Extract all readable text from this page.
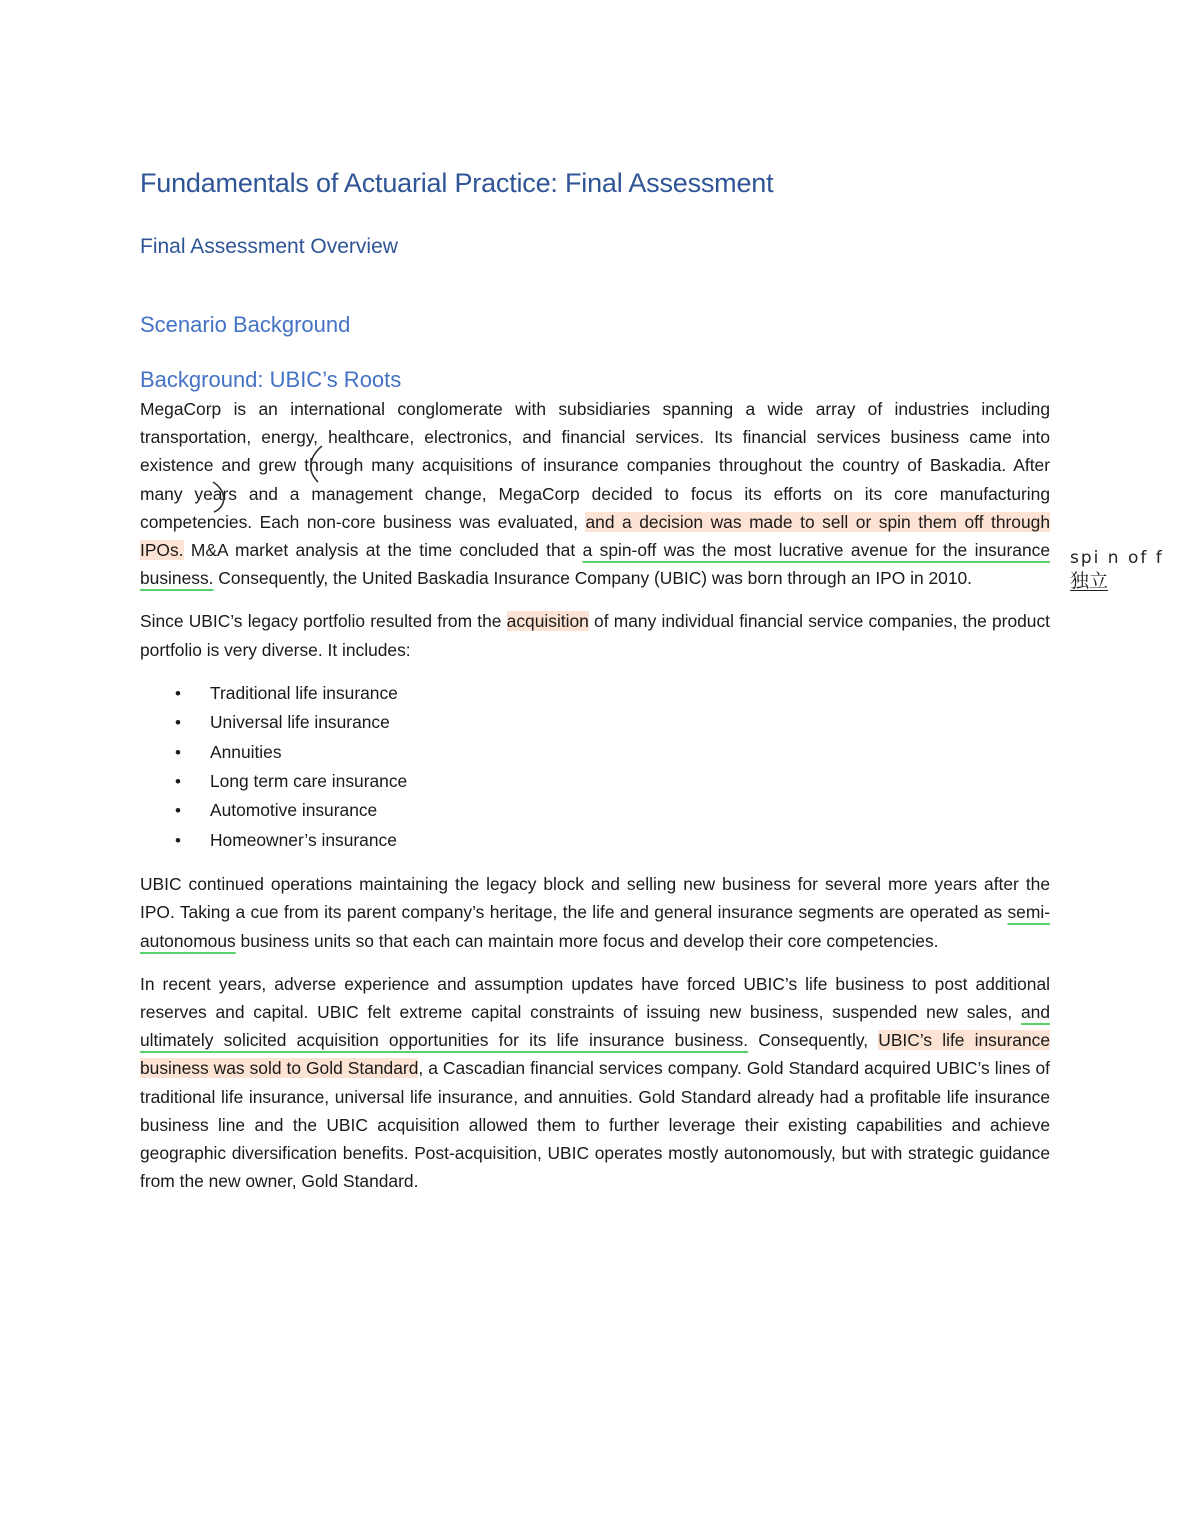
Fundamentals of Actuarial Practice: Final Assessment
Final Assessment Overview
Scenario Background
Background: UBIC’s Roots

MegaCorp is an international conglomerate with subsidiaries spanning a wide array of industries including transportation, energy, healthcare, electronics, and financial services. Its financial services business came into existence and grew through many acquisitions of insurance companies throughout the country of Baskadia. After many years and a management change, MegaCorp decided to focus its efforts on its core manufacturing competencies. Each non-core business was evaluated, and a decision was made to sell or spin them off through IPOs. M&A market analysis at the time concluded that a spin-off was the most lucrative avenue for the insurance business. Consequently, the United Baskadia Insurance Company (UBIC) was born through an IPO in 2010.

Since UBIC’s legacy portfolio resulted from the acquisition of many individual financial service companies, the product portfolio is very diverse. It includes:

• Traditional life insurance
• Universal life insurance
• Annuities
• Long term care insurance
• Automotive insurance
• Homeowner’s insurance

UBIC continued operations maintaining the legacy block and selling new business for several more years after the IPO. Taking a cue from its parent company’s heritage, the life and general insurance segments are operated as semi-autonomous business units so that each can maintain more focus and develop their core competencies.

In recent years, adverse experience and assumption updates have forced UBIC’s life business to post additional reserves and capital. UBIC felt extreme capital constraints of issuing new business, suspended new sales, and ultimately solicited acquisition opportunities for its life insurance business. Consequently, UBIC’s life insurance business was sold to Gold Standard, a Cascadian financial services company. Gold Standard acquired UBIC’s lines of traditional life insurance, universal life insurance, and annuities. Gold Standard already had a profitable life insurance business line and the UBIC acquisition allowed them to further leverage their existing capabilities and achieve geographic diversification benefits. Post-acquisition, UBIC operates mostly autonomously, but with strategic guidance from the new owner, Gold Standard.

spi n of f
独立
